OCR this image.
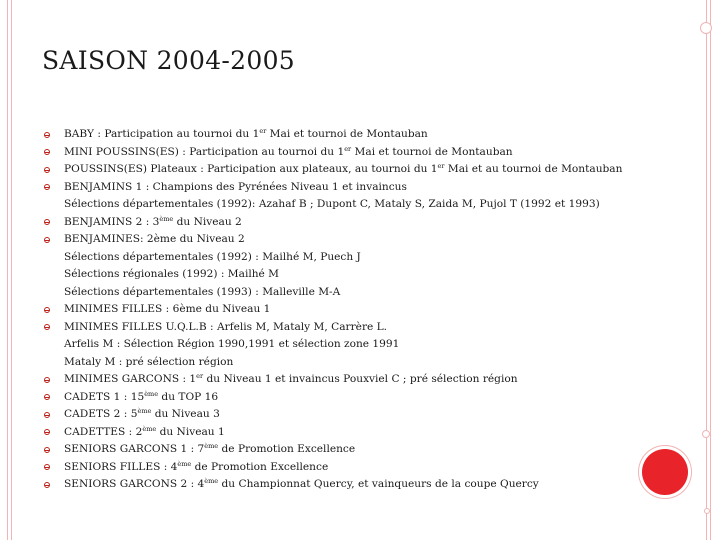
SAISON 2004-2005
BABY : Participation au tournoi du 1er Mai et tournoi de Montauban
MINI POUSSINS(ES) : Participation au tournoi du 1er Mai et tournoi de Montauban
POUSSINS(ES) Plateaux : Participation aux plateaux, au tournoi du 1er Mai et au tournoi de Montauban
BENJAMINS 1 : Champions des Pyrénées Niveau 1 et invaincus
Sélections départementales (1992): Azahaf B ; Dupont C, Mataly S, Zaida M, Pujol T (1992 et 1993)
BENJAMINS 2 : 3ème du Niveau 2
BENJAMINES: 2ème du Niveau 2
Sélections départementales (1992) : Mailhé M, Puech J
Sélections régionales (1992) : Mailhé M
Sélections départementales (1993) : Malleville M-A
MINIMES FILLES : 6ème du Niveau 1
MINIMES FILLES U.Q.L.B : Arfelis M, Mataly M, Carrère L.
Arfelis M : Sélection Région 1990,1991 et sélection zone 1991
Mataly M : pré sélection région
MINIMES GARCONS : 1er du Niveau 1 et invaincus Pouxviel C ; pré sélection région
CADETS 1 : 15ème du TOP 16
CADETS 2 : 5ème du Niveau 3
CADETTES : 2ème du Niveau 1
SENIORS GARCONS 1 : 7ème de Promotion Excellence
SENIORS FILLES : 4ème de Promotion Excellence
SENIORS GARCONS 2 : 4ème du Championnat Quercy, et vainqueurs de la coupe Quercy
